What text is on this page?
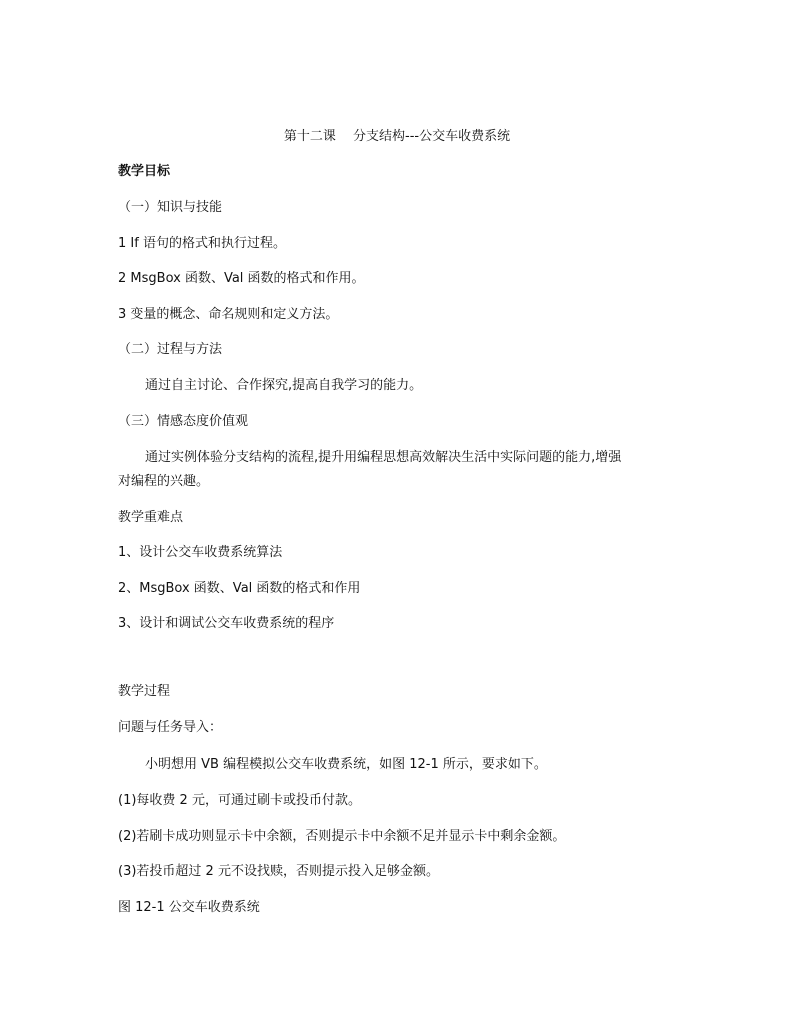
第十二课　 分支结构---公交车收费系统
教学目标
（一）知识与技能
1 If 语句的格式和执行过程。
2 MsgBox 函数、Val 函数的格式和作用。
3 变量的概念、命名规则和定义方法。
（二）过程与方法
通过自主讨论、合作探究,提高自我学习的能力。
（三）情感态度价值观
通过实例体验分支结构的流程,提升用编程思想高效解决生活中实际问题的能力,增强
对编程的兴趣。
教学重难点
1、设计公交车收费系统算法
2、MsgBox 函数、Val 函数的格式和作用
3、设计和调试公交车收费系统的程序
教学过程
问题与任务导入：
小明想用 VB 编程模拟公交车收费系统，如图 12-1 所示，要求如下。
(1)每收费 2 元，可通过刷卡或投币付款。
(2)若刷卡成功则显示卡中余额，否则提示卡中余额不足并显示卡中剩余金额。
(3)若投币超过 2 元不设找赎，否则提示投入足够金额。
图 12-1 公交车收费系统
